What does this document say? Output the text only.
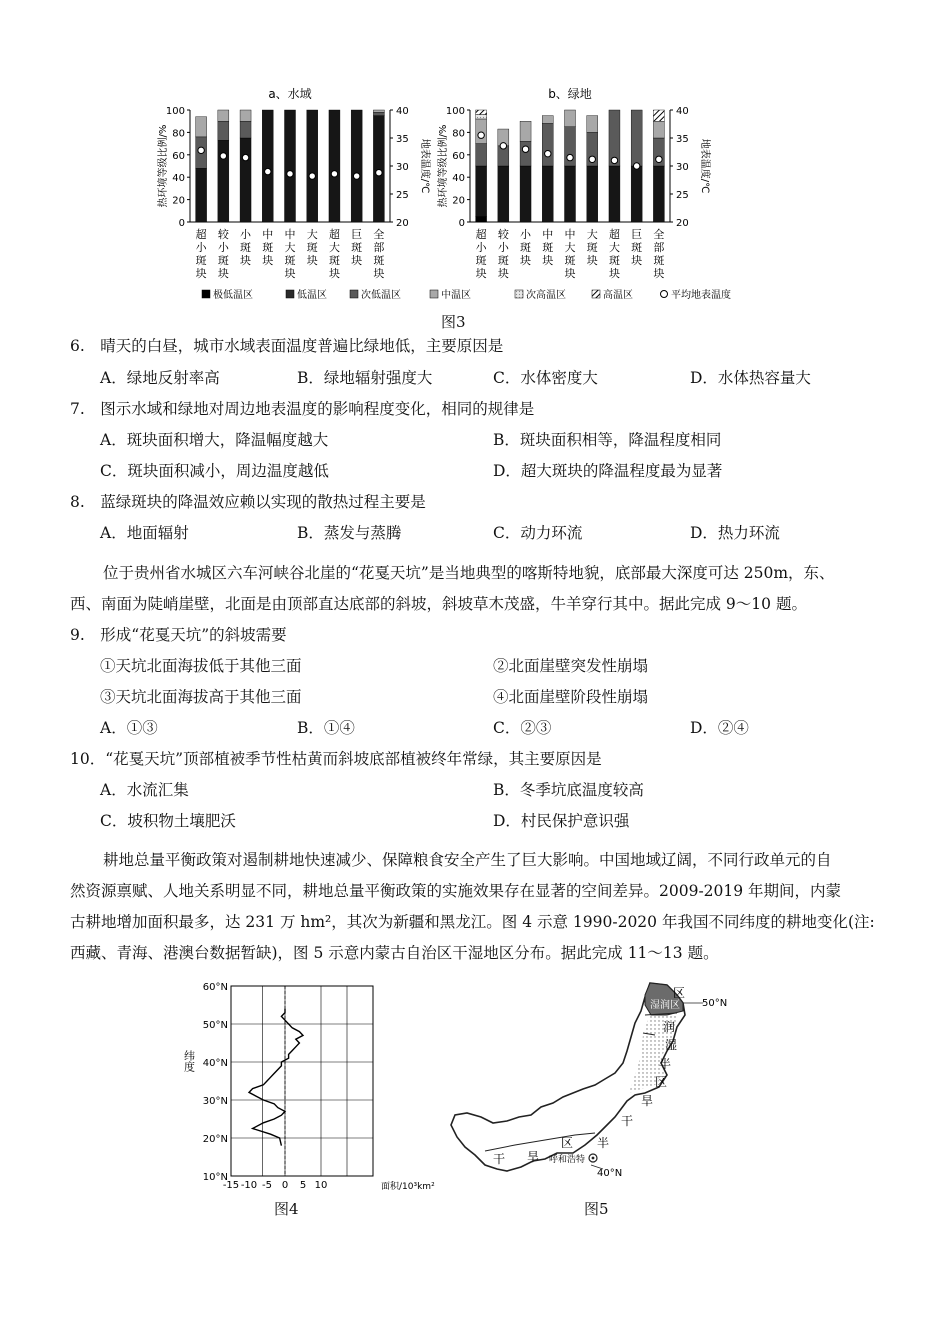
a、水域
100
80
60
40
20
0
40
35
30
25
20
热环境等级比例/%	地表温度/℃
超
小
斑
块
较
小
斑
块
小
斑
块
中
斑
块
中
大
斑
块
大
斑
块
超
大
斑
块
巨
斑
块
全
部
斑
块
b、绿地
100
80
60
40
20
0
40
35
30
25
20
热环境等级比例/%	地表温度/℃
超
小
斑
块
较
小
斑
块
小
斑
块
中
斑
块
中
大
斑
块
大
斑
块
超
大
斑
块
巨
斑
块
全
部
斑
块
极低温区	低温区	次低温区	中温区	次高温区	高温区	平均地表温度
图3
6.　晴天的白昼，城市水域表面温度普遍比绿地低，主要原因是
A．绿地反射率高	B．绿地辐射强度大	C．水体密度大	D．水体热容量大
7.　图示水域和绿地对周边地表温度的影响程度变化，相同的规律是
A．斑块面积增大，降温幅度越大	B．斑块面积相等，降温程度相同
C．斑块面积减小，周边温度越低	D．超大斑块的降温程度最为显著
8.　蓝绿斑块的降温效应赖以实现的散热过程主要是
A．地面辐射	B．蒸发与蒸腾	C．动力环流	D．热力环流
位于贵州省水城区六车河峡谷北崖的“花戛天坑”是当地典型的喀斯特地貌，底部最大深度可达 250m，东、
西、南面为陡峭崖壁，北面是由顶部直达底部的斜坡，斜坡草木茂盛，牛羊穿行其中。据此完成 9～10 题。
9.　形成“花戛天坑”的斜坡需要
①天坑北面海拔低于其他三面	②北面崖壁突发性崩塌
③天坑北面海拔高于其他三面	④北面崖壁阶段性崩塌
A．①③	B．①④	C．②③	D．②④
10．“花戛天坑”顶部植被季节性枯黄而斜坡底部植被终年常绿，其主要原因是
A．水流汇集	B．冬季坑底温度较高
C．坡积物土壤肥沃	D．村民保护意识强
耕地总量平衡政策对遏制耕地快速减少、保障粮食安全产生了巨大影响。中国地域辽阔，不同行政单元的自
然资源禀赋、人地关系明显不同，耕地总量平衡政策的实施效果存在显著的空间差异。2009-2019 年期间，内蒙
古耕地增加面积最多，达 231 万 hm²，其次为新疆和黑龙江。图 4 示意 1990-2020 年我国不同纬度的耕地变化(注:
西藏、青海、港澳台数据暂缺)，图 5 示意内蒙古自治区干湿地区分布。据此完成 11～13 题。
60°N
50°N
40°N
30°N
20°N
10°N
-15 -10 -5 0 5 10	面积/10³km²
纬度
图4
50°N
湿润区
区
润
湿
半
区
旱
干
半
区
旱
干	呼和浩特
40°N
图5
